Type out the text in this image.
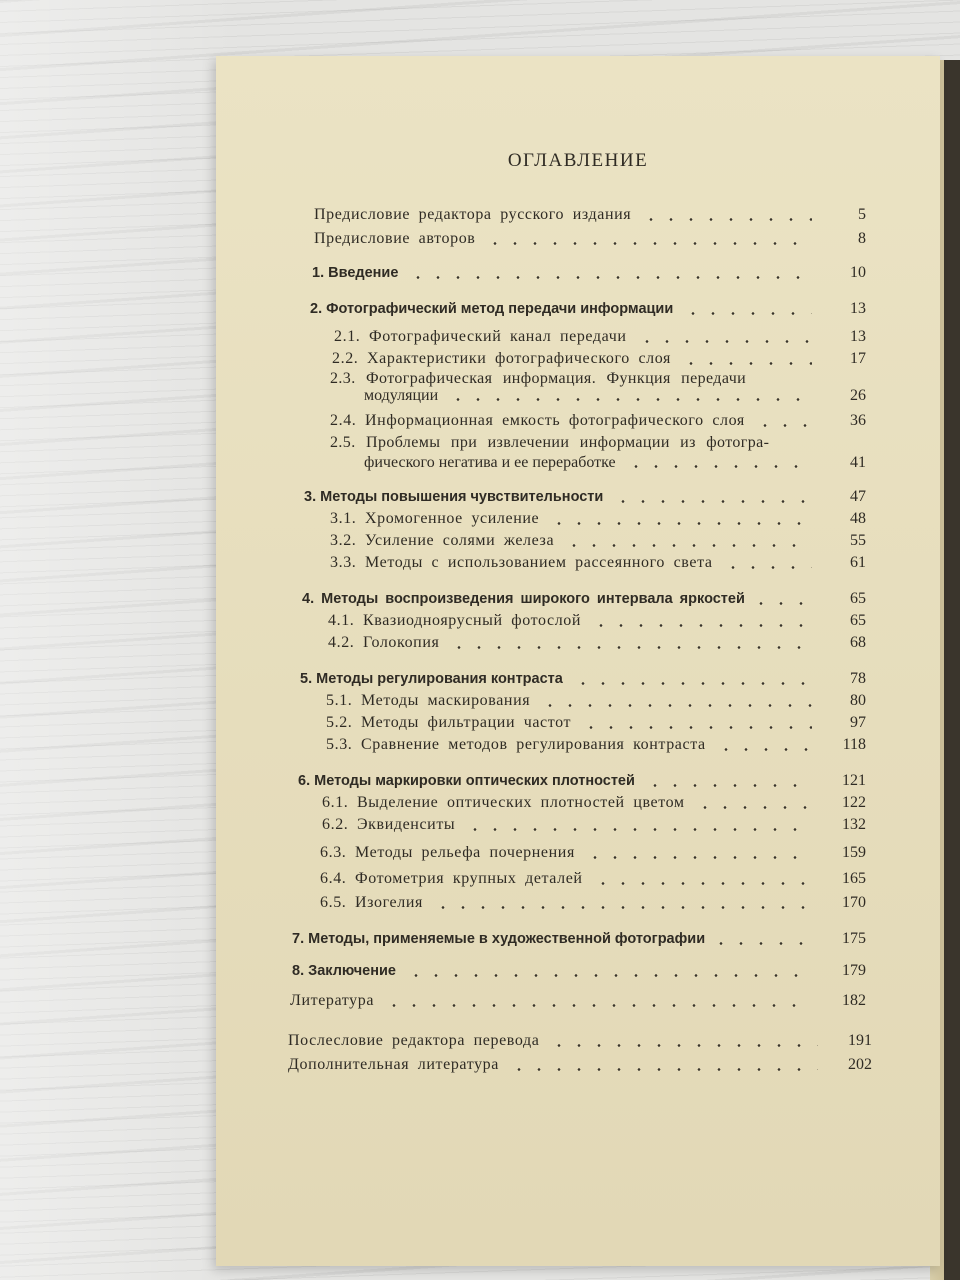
ОГЛАВЛЕНИЕ
Предисловие редактора русского издания	5
Предисловие авторов	8
1. Введение	10
2. Фотографический метод передачи информации	13
2.1. Фотографический канал передачи	13
2.2. Характеристики фотографического слоя	17
2.3. Фотографическая информация. Функция передачи
модуляции	26
2.4. Информационная емкость фотографического слоя	36
2.5. Проблемы при извлечении информации из фотогра-
фического негатива и ее переработке	41
3. Методы повышения чувствительности	47
3.1. Хромогенное усиление	48
3.2. Усиление солями железа	55
3.3. Методы с использованием рассеянного света	61
4. Методы воспроизведения широкого интервала яркостей	65
4.1. Квазиодноярусный фотослой	65
4.2. Голокопия	68
5. Методы регулирования контраста	78
5.1. Методы маскирования	80
5.2. Методы фильтрации частот	97
5.3. Сравнение методов регулирования контраста	118
6. Методы маркировки оптических плотностей	121
6.1. Выделение оптических плотностей цветом	122
6.2. Эквиденситы	132
6.3. Методы рельефа почернения	159
6.4. Фотометрия крупных деталей	165
6.5. Изогелия	170
7. Методы, применяемые в художественной фотографии	175
8. Заключение	179
Литература	182
Послесловие редактора перевода	191
Дополнительная литература	202
